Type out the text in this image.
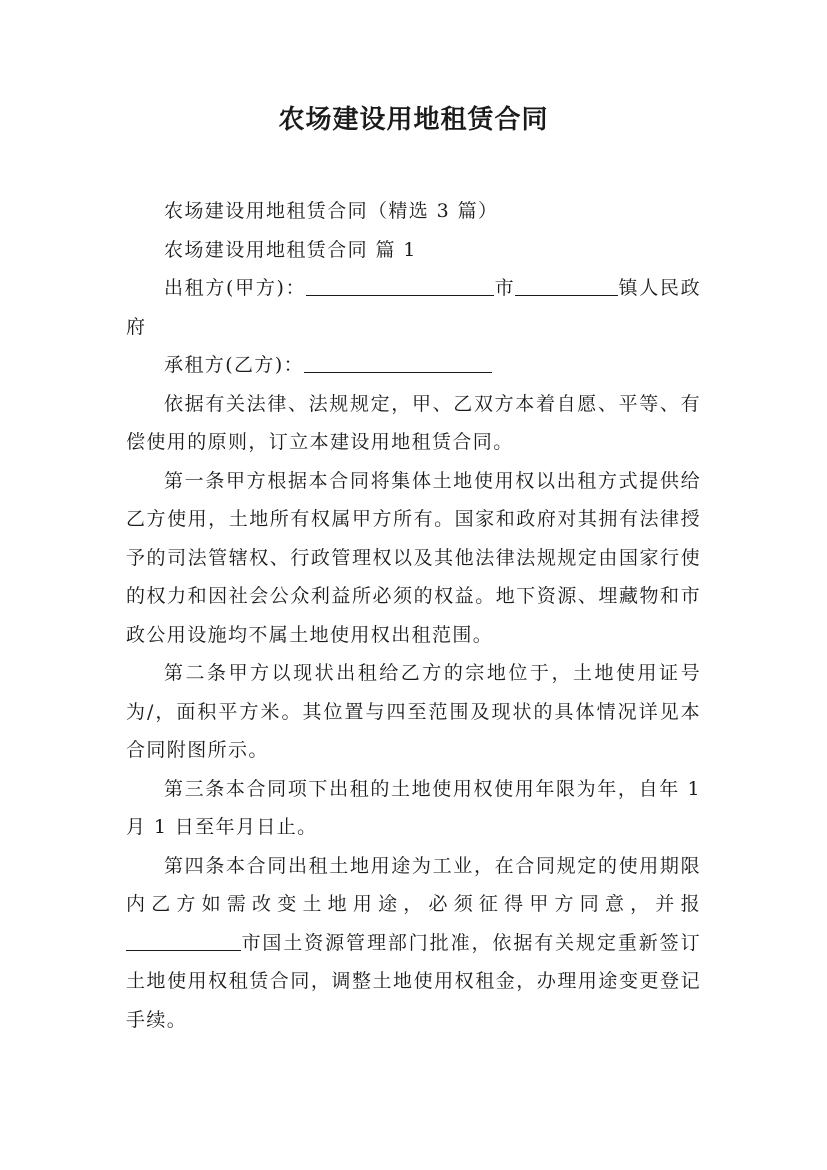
农场建设用地租赁合同

农场建设用地租赁合同（精选 3 篇）

农场建设用地租赁合同 篇 1

出租方(甲方)：	市	镇人民政府

承租方(乙方)：

依据有关法律、法规规定，甲、乙双方本着自愿、平等、有偿使用的原则，订立本建设用地租赁合同。

第一条甲方根据本合同将集体土地使用权以出租方式提供给乙方使用，土地所有权属甲方所有。国家和政府对其拥有法律授予的司法管辖权、行政管理权以及其他法律法规规定由国家行使的权力和因社会公众利益所必须的权益。地下资源、埋藏物和市政公用设施均不属土地使用权出租范围。

第二条甲方以现状出租给乙方的宗地位于，土地使用证号为/，面积平方米。其位置与四至范围及现状的具体情况详见本合同附图所示。

第三条本合同项下出租的土地使用权使用年限为年，自年 1 月 1 日至年月日止。

第四条本合同出租土地用途为工业，在合同规定的使用期限内乙方如需改变土地用途，必须征得甲方同意，并报市国土资源管理部门批准，依据有关规定重新签订土地使用权租赁合同，调整土地使用权租金，办理用途变更登记手续。
